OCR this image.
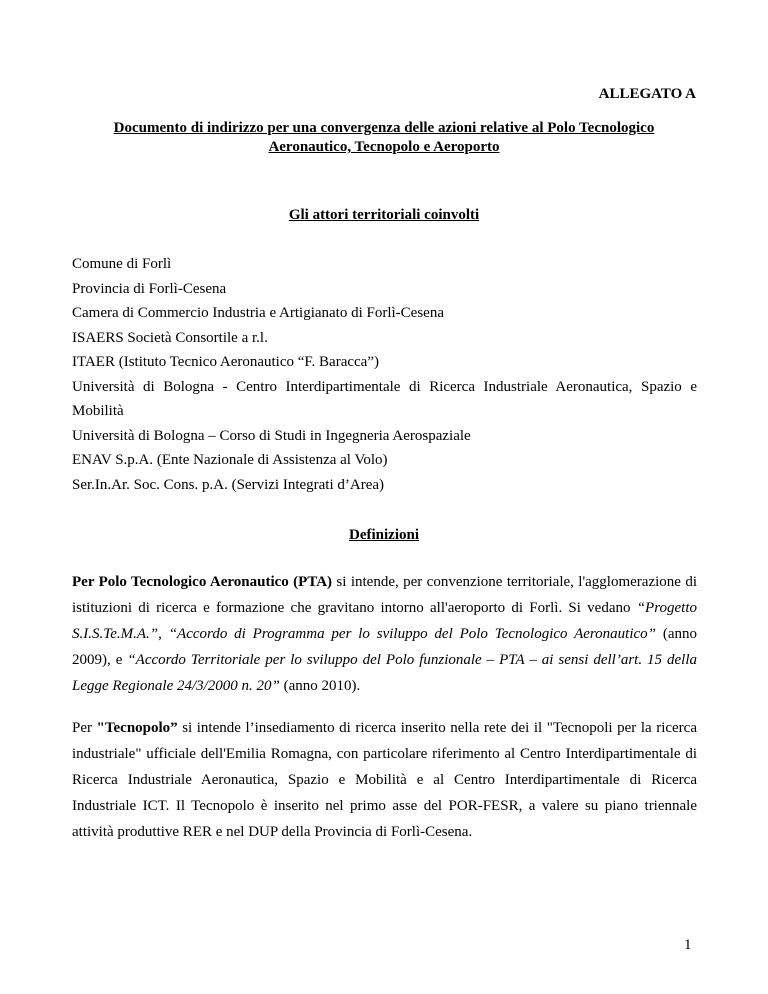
ALLEGATO A

Documento di indirizzo per una convergenza delle azioni relative al Polo Tecnologico Aeronautico, Tecnopolo e Aeroporto

Gli attori territoriali coinvolti

Comune di Forlì
Provincia di Forlì-Cesena
Camera di Commercio Industria e Artigianato di Forlì-Cesena
ISAERS Società Consortile a r.l.
ITAER (Istituto Tecnico Aeronautico “F. Baracca”)
Università di Bologna - Centro Interdipartimentale di Ricerca Industriale Aeronautica, Spazio e Mobilità
Università di Bologna – Corso di Studi in Ingegneria Aerospaziale
ENAV S.p.A. (Ente Nazionale di Assistenza al Volo)
Ser.In.Ar. Soc. Cons. p.A. (Servizi Integrati d’Area)

Definizioni

Per Polo Tecnologico Aeronautico (PTA) si intende, per convenzione territoriale, l'agglomerazione di istituzioni di ricerca e formazione che gravitano intorno all'aeroporto di Forlì. Si vedano “Progetto S.I.S.Te.M.A.”, “Accordo di Programma per lo sviluppo del Polo Tecnologico Aeronautico” (anno 2009), e “Accordo Territoriale per lo sviluppo del Polo funzionale – PTA – ai sensi dell’art. 15 della Legge Regionale 24/3/2000 n. 20” (anno 2010).

Per "Tecnopolo” si intende l’insediamento di ricerca inserito nella rete dei il "Tecnopoli per la ricerca industriale" ufficiale dell'Emilia Romagna, con particolare riferimento al Centro Interdipartimentale di Ricerca Industriale Aeronautica, Spazio e Mobilità e al Centro Interdipartimentale di Ricerca Industriale ICT. Il Tecnopolo è inserito nel primo asse del POR-FESR, a valere su piano triennale attività produttive RER e nel DUP della Provincia di Forlì-Cesena.

1
